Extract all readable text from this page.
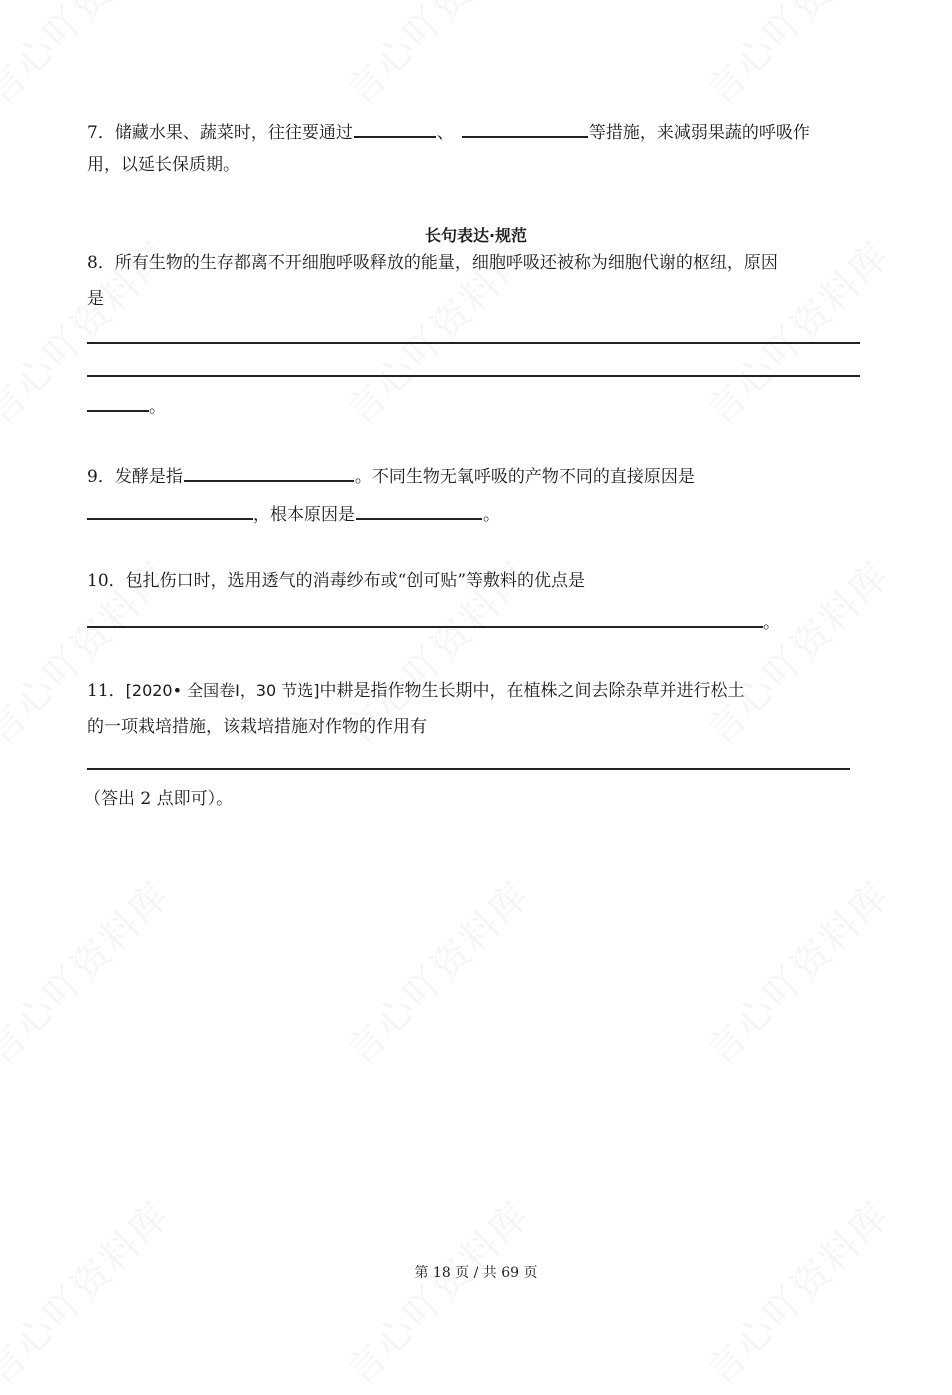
7．储藏水果、蔬菜时，往往要通过	、	等措施，来减弱果蔬的呼吸作
用，以延长保质期。
长句表达·规范
8．所有生物的生存都离不开细胞呼吸释放的能量，细胞呼吸还被称为细胞代谢的枢纽，原因
是
。
9．发酵是指	。不同生物无氧呼吸的产物不同的直接原因是
，根本原因是	。
10．包扎伤口时，选用透气的消毒纱布或“创可贴”等敷料的优点是
。
11．[2020• 全国卷Ⅰ，30 节选]中耕是指作物生长期中，在植株之间去除杂草并进行松土
的一项栽培措施，该栽培措施对作物的作用有
（答出 2 点即可）。
第 18 页 / 共 69 页
